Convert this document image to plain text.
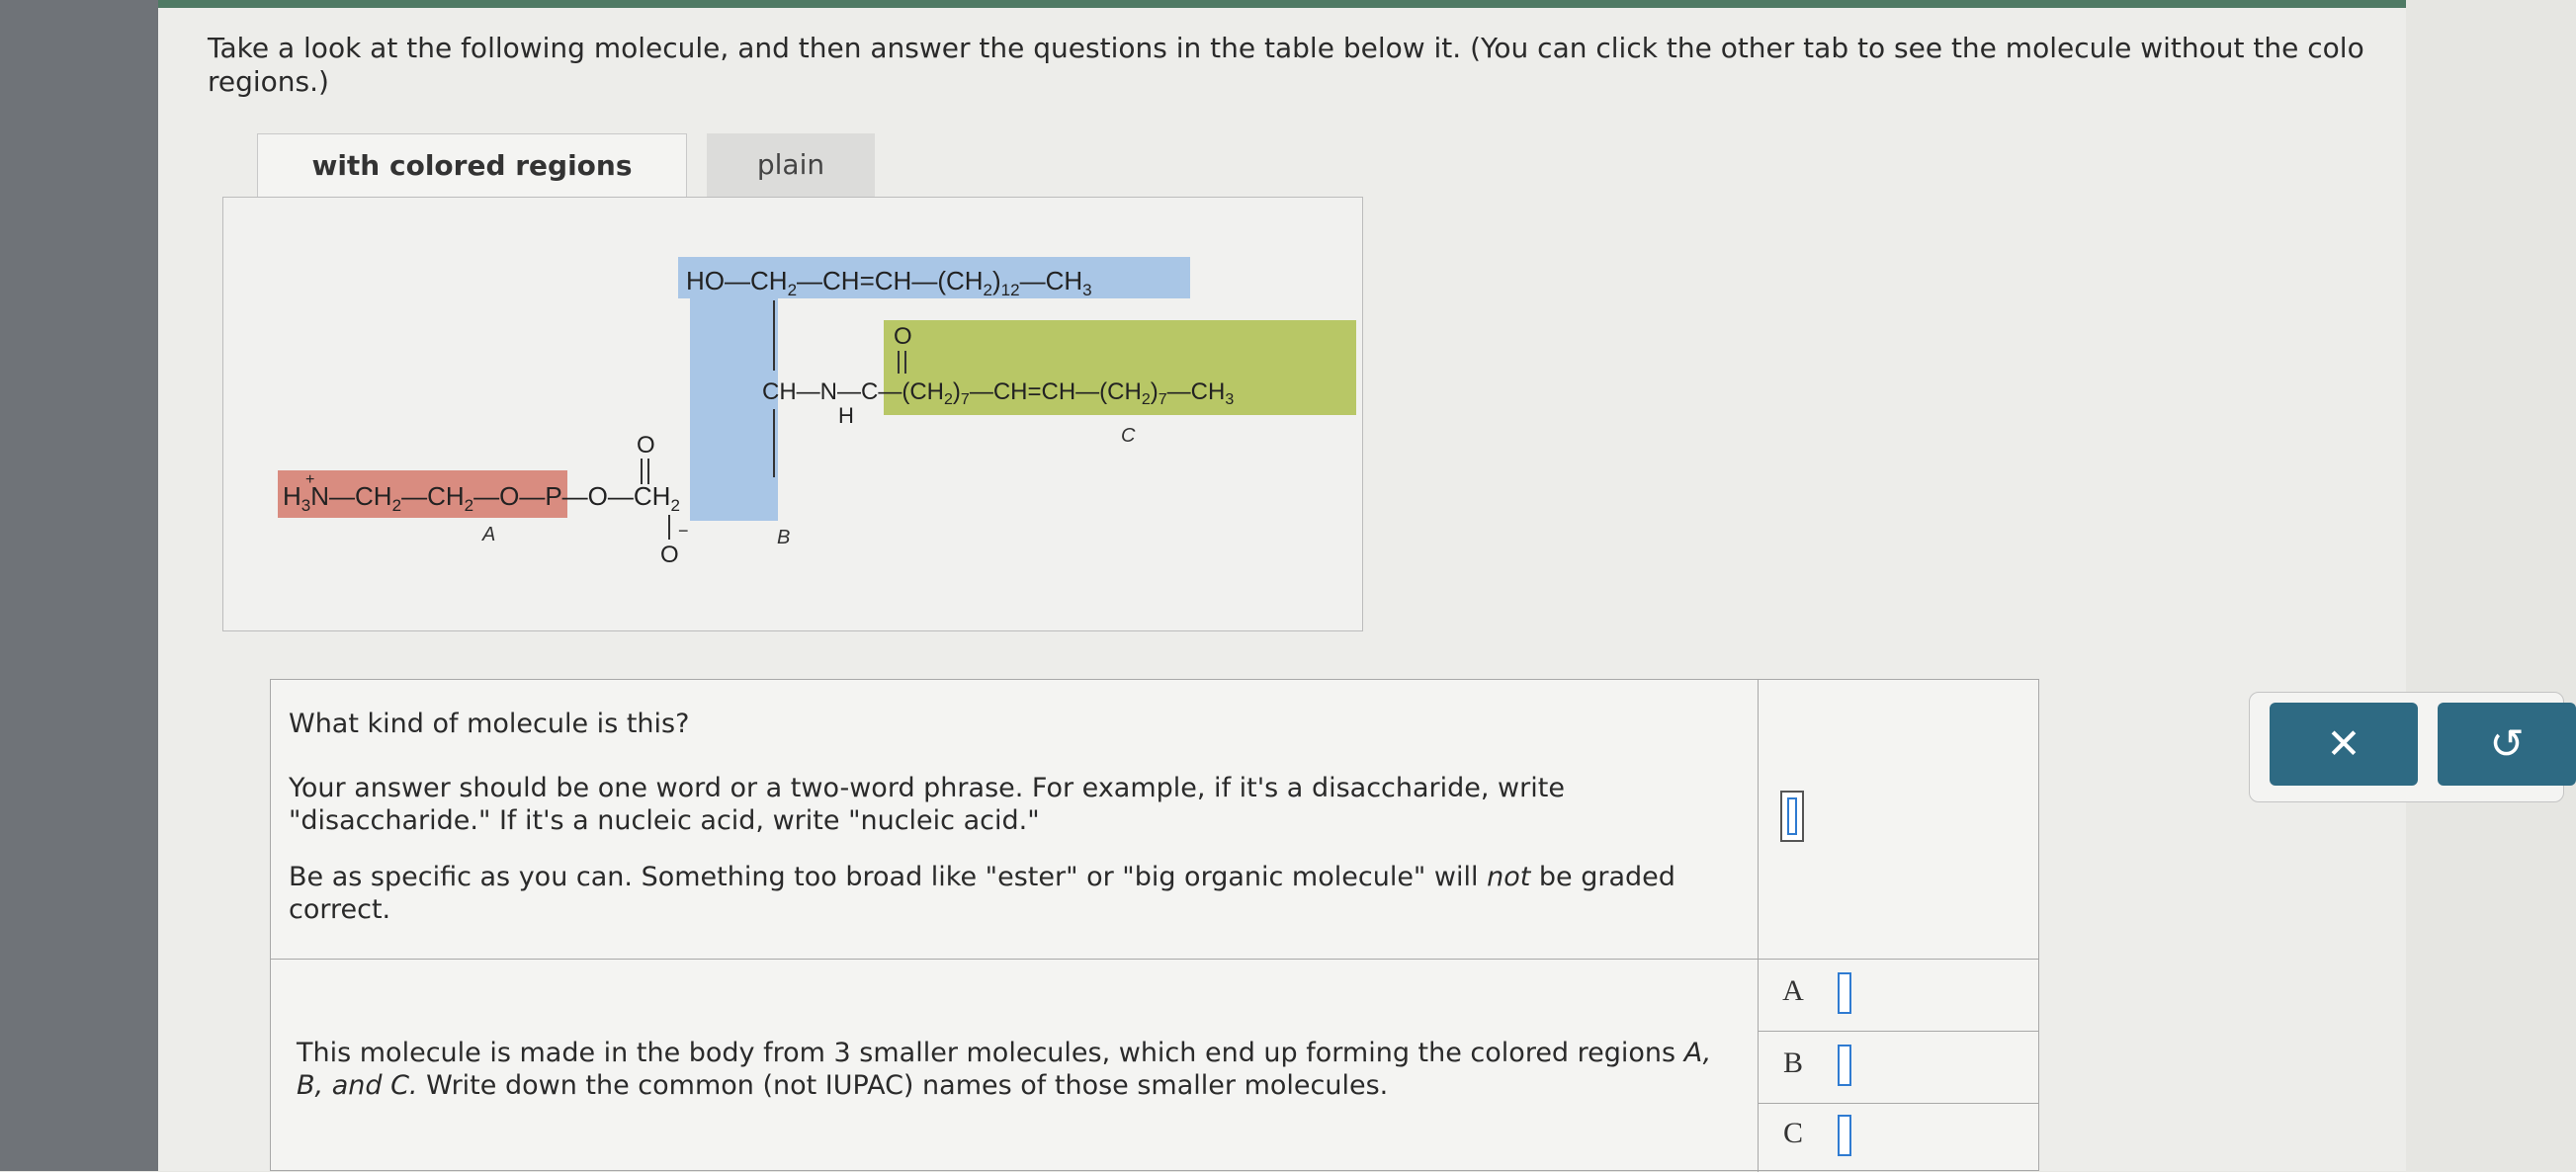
Take a look at the following molecule, and then answer the questions in the table below it. (You can click the other tab to see the molecule without the colo regions.)
with colored regions	plain
$HO—CH_2—CH=CH—(CH_2)_{12}—CH_3$
O
$CH—N—C—(CH_2)_7—CH=CH—(CH_2)_7—CH_3$
H
C
O
+
$H_3N—CH_2—CH_2—O—P—O—CH_2$
A	B
−
O
What kind of molecule is this?
Your answer should be one word or a two-word phrase. For example, if it's a disaccharide, write "disaccharide." If it's a nucleic acid, write "nucleic acid."
Be as specific as you can. Something too broad like "ester" or "big organic molecule" will not be graded correct.
This molecule is made in the body from 3 smaller molecules, which end up forming the colored regions A, B, and C. Write down the common (not IUPAC) names of those smaller molecules.
A
B
C
✕	↺
